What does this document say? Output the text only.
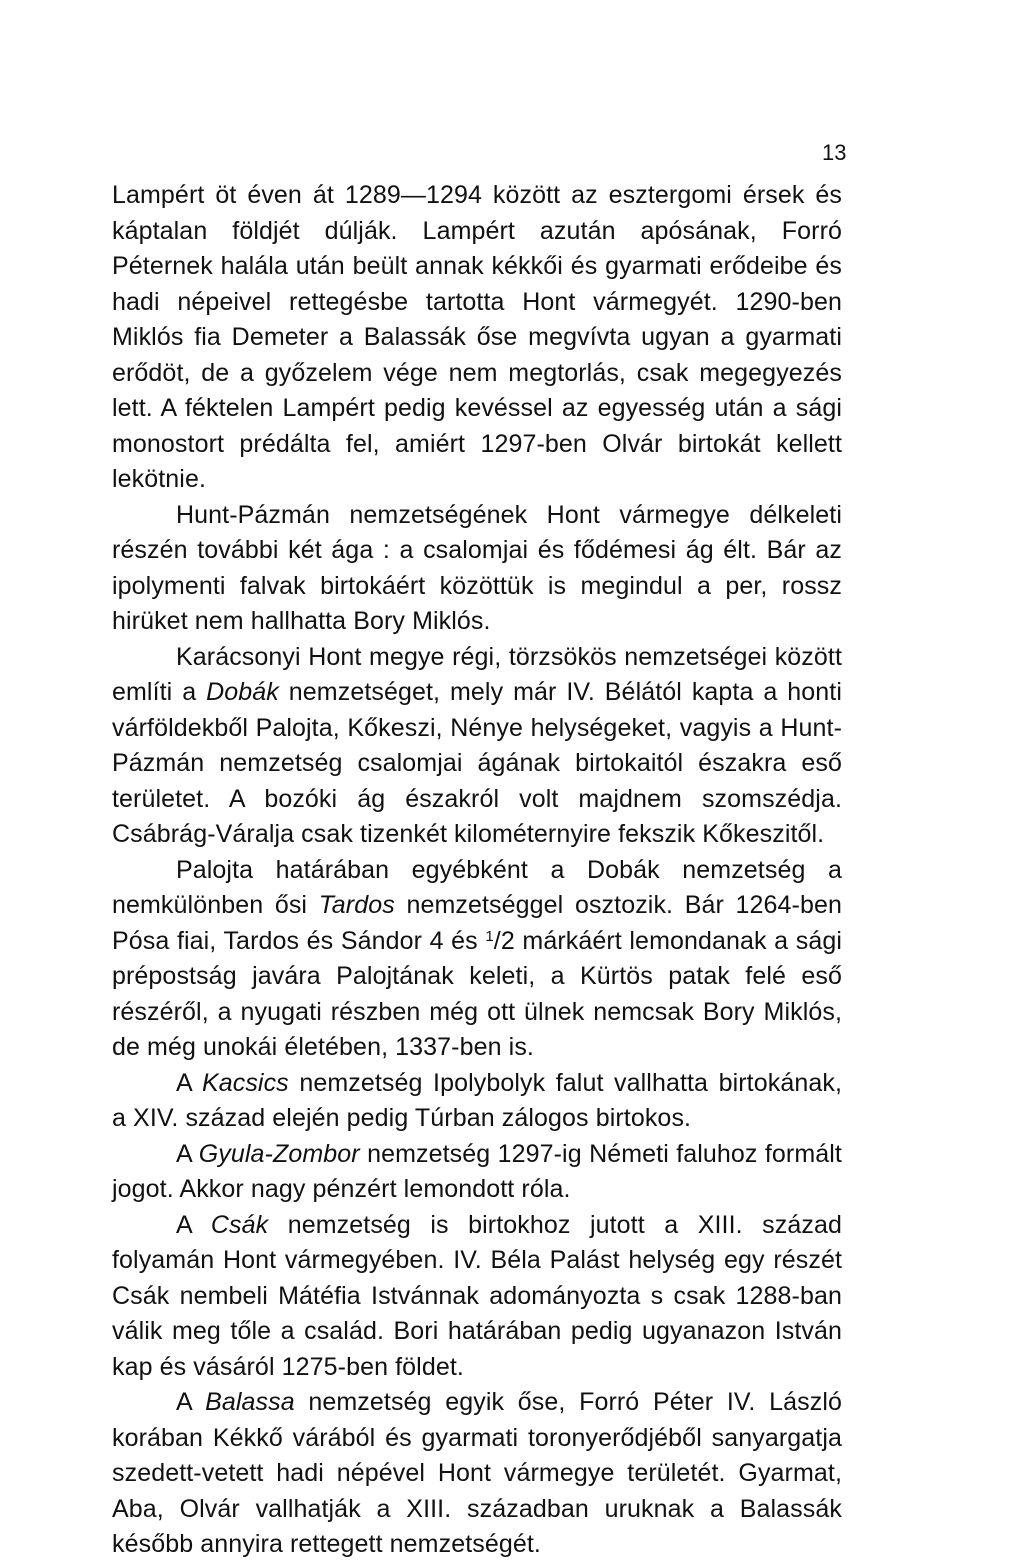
13

Lampért öt éven át 1289—1294 között az esztergomi érsek és káptalan földjét dúlják. Lampért azután apósának, Forró Péternek halála után beült annak kékkői és gyarmati erődeibe és hadi népeivel rettegésbe tartotta Hont vármegyét. 1290-ben Miklós fia Demeter a Balassák őse megvívta ugyan a gyarmati erődöt, de a győzelem vége nem megtorlás, csak megegyezés lett. A féktelen Lampért pedig kevéssel az egyesség után a sági monostort prédálta fel, amiért 1297-ben Olvár birtokát kellett lekötnie.

Hunt-Pázmán nemzetségének Hont vármegye délkeleti részén további két ága : a csalomjai és fődémesi ág élt. Bár az ipolymenti falvak birtokáért közöttük is megindul a per, rossz hirüket nem hallhatta Bory Miklós.

Karácsonyi Hont megye régi, törzsökös nemzetségei között említi a Dobák nemzetséget, mely már IV. Bélától kapta a honti várföldekből Palojta, Kőkeszi, Nénye helységeket, vagyis a Hunt-Pázmán nemzetség csalomjai ágának birtokaitól északra eső területet. A bozóki ág északról volt majdnem szomszédja. Csábrág-Váralja csak tizenkét kilométernyire fekszik Kőkeszitől.

Palojta határában egyébként a Dobák nemzetség a nemkülönben ősi Tardos nemzetséggel osztozik. Bár 1264-ben Pósa fiai, Tardos és Sándor 4 és $^1$/2 márkáért lemondanak a sági prépostság javára Palojtának keleti, a Kürtös patak felé eső részéről, a nyugati részben még ott ülnek nemcsak Bory Miklós, de még unokái életében, 1337-ben is.

A Kacsics nemzetség Ipolybolyk falut vallhatta birtokának, a XIV. század elején pedig Túrban zálogos birtokos.

A Gyula-Zombor nemzetség 1297-ig Németi faluhoz formált jogot. Akkor nagy pénzért lemondott róla.

A Csák nemzetség is birtokhoz jutott a XIII. század folyamán Hont vármegyében. IV. Béla Palást helység egy részét Csák nembeli Mátéfia Istvánnak adományozta s csak 1288-ban válik meg tőle a család. Bori határában pedig ugyanazon István kap és vásáról 1275-ben földet.

A Balassa nemzetség egyik őse, Forró Péter IV. László korában Kékkő várából és gyarmati toronyerődjéből sanyargatja szedett-vetett hadi népével Hont vármegye területét. Gyarmat, Aba, Olvár vallhatják a XIII. században uruknak a Balassák később annyira rettegett nemzetségét.
